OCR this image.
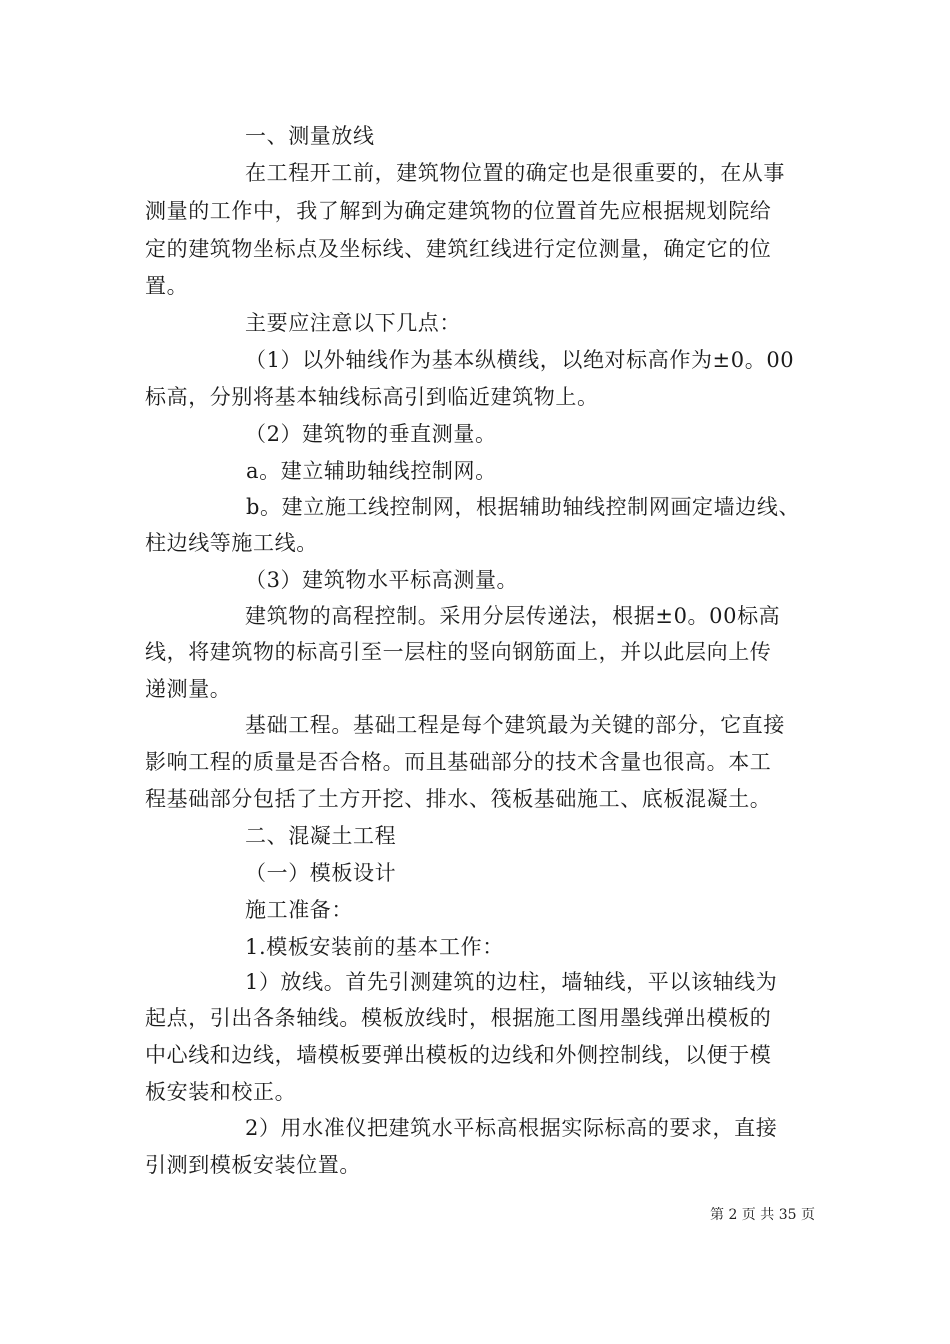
一、测量放线
在工程开工前，建筑物位置的确定也是很重要的，在从事
测量的工作中，我了解到为确定建筑物的位置首先应根据规划院给
定的建筑物坐标点及坐标线、建筑红线进行定位测量，确定它的位
置。
主要应注意以下几点：
（1）以外轴线作为基本纵横线，以绝对标高作为±0。00
标高，分别将基本轴线标高引到临近建筑物上。
（2）建筑物的垂直测量。
a。建立辅助轴线控制网。
b。建立施工线控制网，根据辅助轴线控制网画定墙边线、
柱边线等施工线。
（3）建筑物水平标高测量。
建筑物的高程控制。采用分层传递法，根据±0。00标高
线，将建筑物的标高引至一层柱的竖向钢筋面上，并以此层向上传
递测量。
基础工程。基础工程是每个建筑最为关键的部分，它直接
影响工程的质量是否合格。而且基础部分的技术含量也很高。本工
程基础部分包括了土方开挖、排水、筏板基础施工、底板混凝土。
二、混凝土工程
（一）模板设计
施工准备：
1.模板安装前的基本工作：
1）放线。首先引测建筑的边柱，墙轴线，平以该轴线为
起点，引出各条轴线。模板放线时，根据施工图用墨线弹出模板的
中心线和边线，墙模板要弹出模板的边线和外侧控制线，以便于模
板安装和校正。
2）用水准仪把建筑水平标高根据实际标高的要求，直接
引测到模板安装位置。
第 2 页 共 35 页
